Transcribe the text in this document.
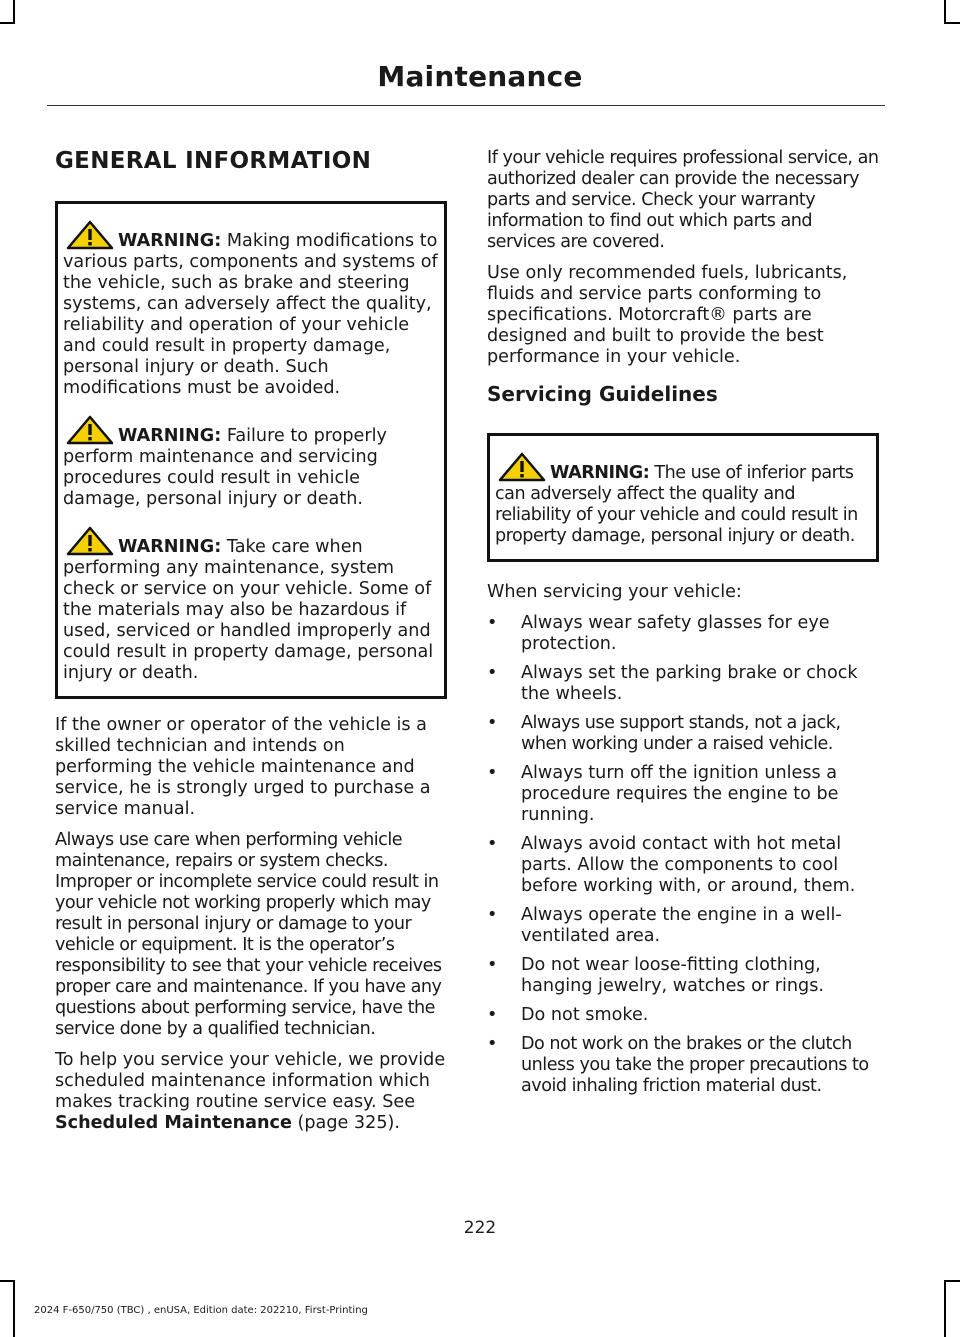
Maintenance
GENERAL INFORMATION
WARNING: Making modifications to various parts, components and systems of the vehicle, such as brake and steering systems, can adversely affect the quality, reliability and operation of your vehicle and could result in property damage, personal injury or death. Such modifications must be avoided.
WARNING: Failure to properly perform maintenance and servicing procedures could result in vehicle damage, personal injury or death.
WARNING: Take care when performing any maintenance, system check or service on your vehicle. Some of the materials may also be hazardous if used, serviced or handled improperly and could result in property damage, personal injury or death.

If the owner or operator of the vehicle is a skilled technician and intends on performing the vehicle maintenance and service, he is strongly urged to purchase a service manual.

Always use care when performing vehicle maintenance, repairs or system checks. Improper or incomplete service could result in your vehicle not working properly which may result in personal injury or damage to your vehicle or equipment. It is the operator’s responsibility to see that your vehicle receives proper care and maintenance. If you have any questions about performing service, have the service done by a qualified technician.

To help you service your vehicle, we provide scheduled maintenance information which makes tracking routine service easy. See Scheduled Maintenance (page 325).

If your vehicle requires professional service, an authorized dealer can provide the necessary parts and service. Check your warranty information to find out which parts and services are covered.

Use only recommended fuels, lubricants, fluids and service parts conforming to specifications. Motorcraft® parts are designed and built to provide the best performance in your vehicle.

Servicing Guidelines
WARNING: The use of inferior parts can adversely affect the quality and reliability of your vehicle and could result in property damage, personal injury or death.

When servicing your vehicle:

• Always wear safety glasses for eye protection.
• Always set the parking brake or chock the wheels.
• Always use support stands, not a jack, when working under a raised vehicle.
• Always turn off the ignition unless a procedure requires the engine to be running.
• Always avoid contact with hot metal parts. Allow the components to cool before working with, or around, them.
• Always operate the engine in a well-ventilated area.
• Do not wear loose-fitting clothing, hanging jewelry, watches or rings.
• Do not smoke.
• Do not work on the brakes or the clutch unless you take the proper precautions to avoid inhaling friction material dust.
222
2024 F-650/750 (TBC) , enUSA, Edition date: 202210, First-Printing
